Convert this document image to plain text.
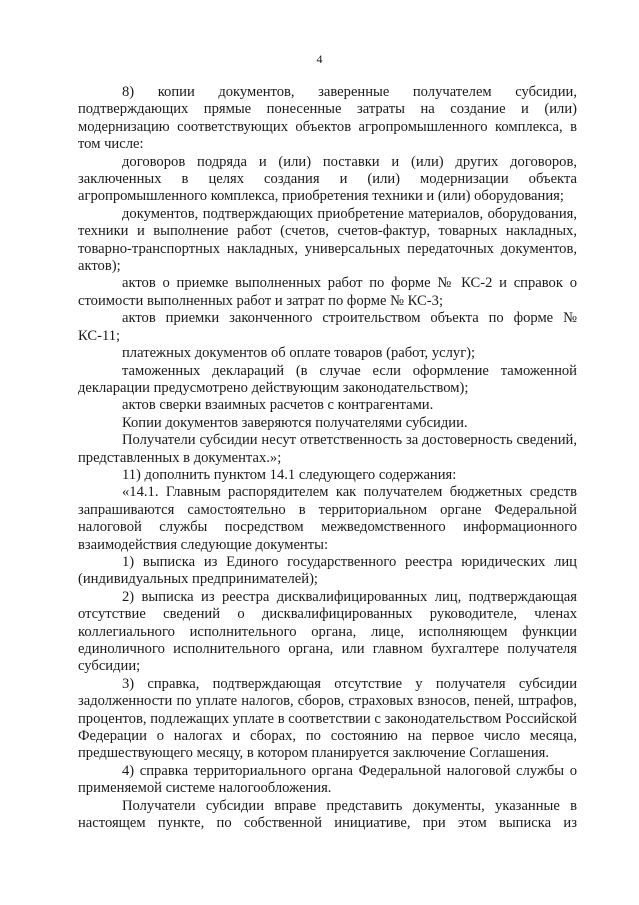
4

8) копии документов, заверенные получателем субсидии, подтверждающих прямые понесенные затраты на создание и (или) модернизацию соответствующих объектов агропромышленного комплекса, в том числе:

договоров подряда и (или) поставки и (или) других договоров, заключенных в целях создания и (или) модернизации объекта агропромышленного комплекса, приобретения техники и (или) оборудования;

документов, подтверждающих приобретение материалов, оборудования, техники и выполнение работ (счетов, счетов-фактур, товарных накладных, товарно-транспортных накладных, универсальных передаточных документов, актов);

актов о приемке выполненных работ по форме № КС-2 и справок о стоимости выполненных работ и затрат по форме № КС-3;

актов приемки законченного строительством объекта по форме № КС-11;

платежных документов об оплате товаров (работ, услуг);

таможенных деклараций (в случае если оформление таможенной декларации предусмотрено действующим законодательством);

актов сверки взаимных расчетов с контрагентами.

Копии документов заверяются получателями субсидии.

Получатели субсидии несут ответственность за достоверность сведений, представленных в документах.»;

11) дополнить пунктом 14.1 следующего содержания:

«14.1. Главным распорядителем как получателем бюджетных средств запрашиваются самостоятельно в территориальном органе Федеральной налоговой службы посредством межведомственного информационного взаимодействия следующие документы:

1) выписка из Единого государственного реестра юридических лиц (индивидуальных предпринимателей);

2) выписка из реестра дисквалифицированных лиц, подтверждающая отсутствие сведений о дисквалифицированных руководителе, членах коллегиального исполнительного органа, лице, исполняющем функции единоличного исполнительного органа, или главном бухгалтере получателя субсидии;

3) справка, подтверждающая отсутствие у получателя субсидии задолженности по уплате налогов, сборов, страховых взносов, пеней, штрафов, процентов, подлежащих уплате в соответствии с законодательством Российской Федерации о налогах и сборах, по состоянию на первое число месяца, предшествующего месяцу, в котором планируется заключение Соглашения.

4) справка территориального органа Федеральной налоговой службы о применяемой системе налогообложения.

Получатели субсидии вправе представить документы, указанные в настоящем пункте, по собственной инициативе, при этом выписка из
